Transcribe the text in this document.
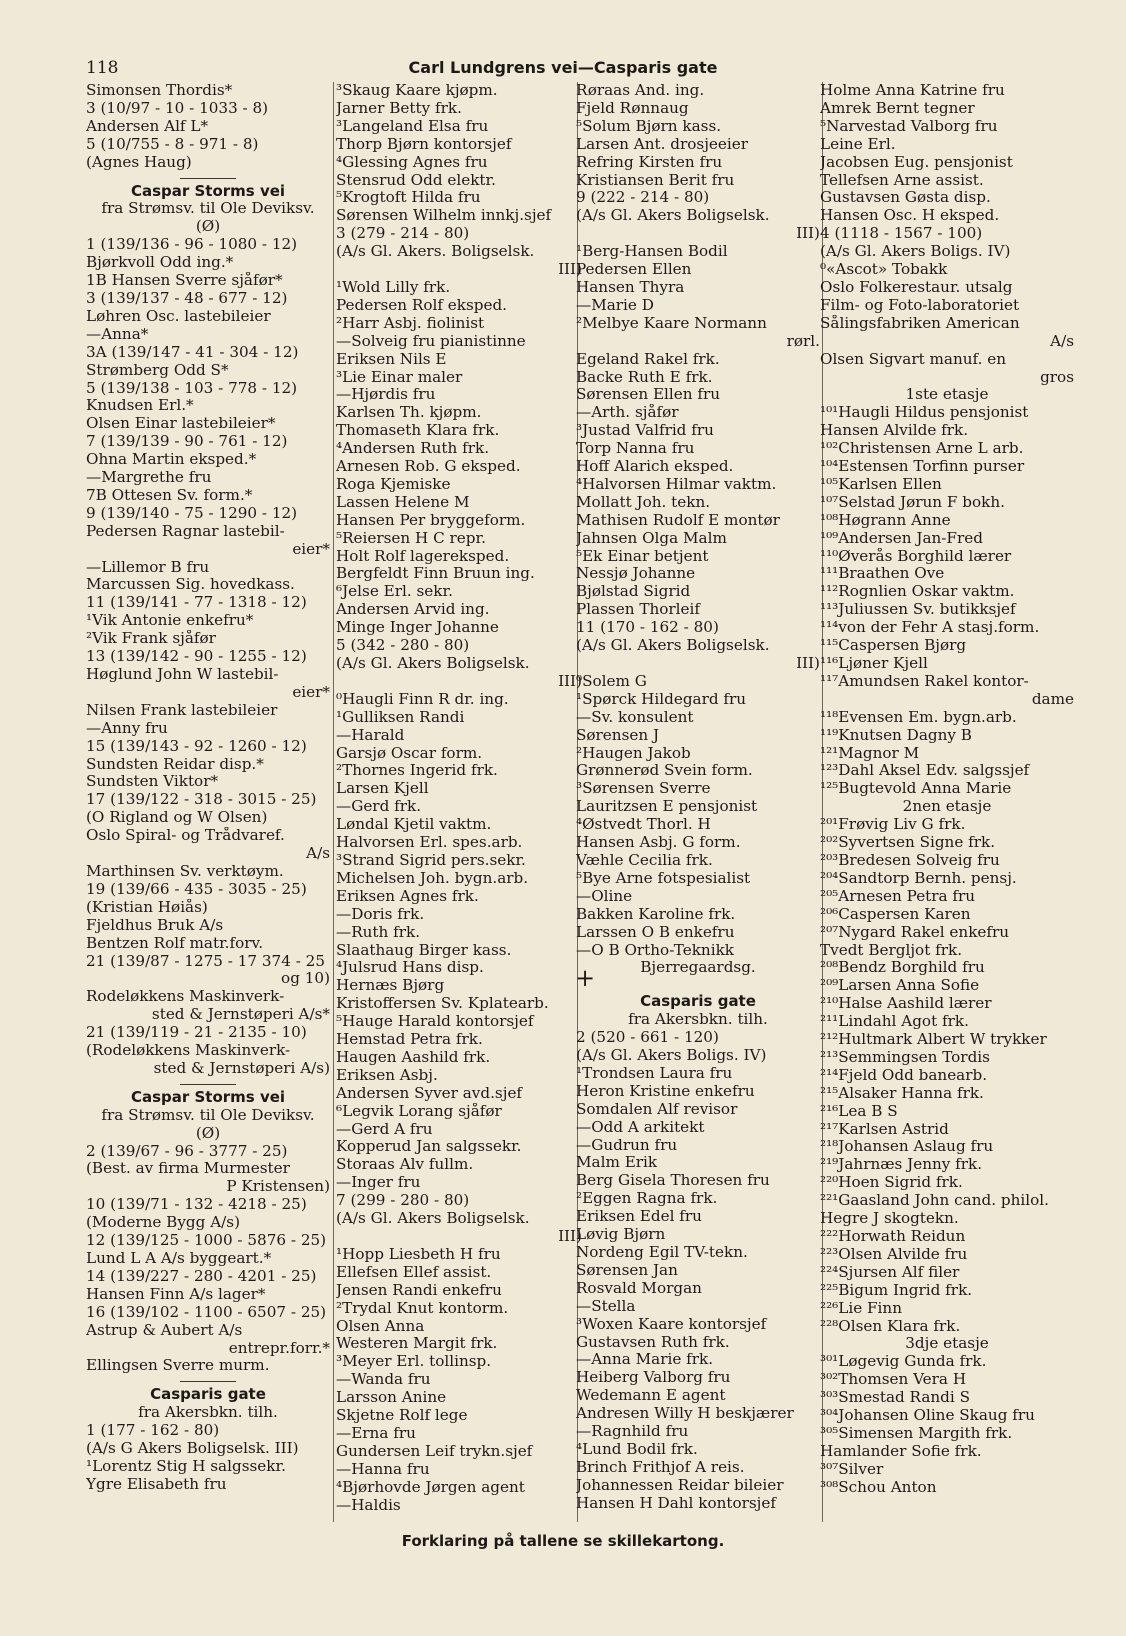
118	Carl Lundgrens vei—Casparis gate
Simonsen Thordis*
3 (10/97 - 10 - 1033 - 8)
Andersen Alf L*
5 (10/755 - 8 - 971 - 8)
(Agnes Haug)
Caspar Storms vei
fra Strømsv. til Ole Deviksv.
(Ø)
1 (139/136 - 96 - 1080 - 12)
Bjørkvoll Odd ing.*
1B Hansen Sverre sjåfør*
3 (139/137 - 48 - 677 - 12)
Løhren Osc. lastebileier
—Anna*
3A (139/147 - 41 - 304 - 12)
Strømberg Odd S*
5 (139/138 - 103 - 778 - 12)
Knudsen Erl.*
Olsen Einar lastebileier*
7 (139/139 - 90 - 761 - 12)
Ohna Martin eksped.*
—Margrethe fru
7B Ottesen Sv. form.*
9 (139/140 - 75 - 1290 - 12)
Pedersen Ragnar lastebil-
eier*
—Lillemor B fru
Marcussen Sig. hovedkass.
11 (139/141 - 77 - 1318 - 12)
¹Vik Antonie enkefru*
²Vik Frank sjåfør
13 (139/142 - 90 - 1255 - 12)
Høglund John W lastebil-
eier*
Nilsen Frank lastebileier
—Anny fru
15 (139/143 - 92 - 1260 - 12)
Sundsten Reidar disp.*
Sundsten Viktor*
17 (139/122 - 318 - 3015 - 25)
(O Rigland og W Olsen)
Oslo Spiral- og Trådvaref.
A/s
Marthinsen Sv. verktøym.
19 (139/66 - 435 - 3035 - 25)
(Kristian Høiås)
Fjeldhus Bruk A/s
Bentzen Rolf matr.forv.
21 (139/87 - 1275 - 17 374 - 25
og 10)
Rodeløkkens Maskinverk-
sted & Jernstøperi A/s*
21 (139/119 - 21 - 2135 - 10)
(Rodeløkkens Maskinverk-
sted & Jernstøperi A/s)
Caspar Storms vei
fra Strømsv. til Ole Deviksv.
(Ø)
2 (139/67 - 96 - 3777 - 25)
(Best. av firma Murmester
P Kristensen)
10 (139/71 - 132 - 4218 - 25)
(Moderne Bygg A/s)
12 (139/125 - 1000 - 5876 - 25)
Lund L A A/s byggeart.*
14 (139/227 - 280 - 4201 - 25)
Hansen Finn A/s lager*
16 (139/102 - 1100 - 6507 - 25)
Astrup & Aubert A/s
entrepr.forr.*
Ellingsen Sverre murm.
Casparis gate
fra Akersbkn. tilh.
1 (177 - 162 - 80)
(A/s G Akers Boligselsk. III)
¹Lorentz Stig H salgssekr.
Ygre Elisabeth fru
³Skaug Kaare kjøpm.
Jarner Betty frk.
³Langeland Elsa fru
Thorp Bjørn kontorsjef
⁴Glessing Agnes fru
Stensrud Odd elektr.
⁵Krogtoft Hilda fru
Sørensen Wilhelm innkj.sjef
3 (279 - 214 - 80)
(A/s Gl. Akers. Boligselsk.
III)
¹Wold Lilly frk.
Pedersen Rolf eksped.
²Harr Asbj. fiolinist
—Solveig fru pianistinne
Eriksen Nils E
³Lie Einar maler
—Hjørdis fru
Karlsen Th. kjøpm.
Thomaseth Klara frk.
⁴Andersen Ruth frk.
Arnesen Rob. G eksped.
Roga Kjemiske
Lassen Helene M
Hansen Per bryggeform.
⁵Reiersen H C repr.
Holt Rolf lagereksped.
Bergfeldt Finn Bruun ing.
⁶Jelse Erl. sekr.
Andersen Arvid ing.
Minge Inger Johanne
5 (342 - 280 - 80)
(A/s Gl. Akers Boligselsk.
III)
⁰Haugli Finn R dr. ing.
¹Gulliksen Randi
—Harald
Garsjø Oscar form.
²Thornes Ingerid frk.
Larsen Kjell
—Gerd frk.
Løndal Kjetil vaktm.
Halvorsen Erl. spes.arb.
³Strand Sigrid pers.sekr.
Michelsen Joh. bygn.arb.
Eriksen Agnes frk.
—Doris frk.
—Ruth frk.
Slaathaug Birger kass.
⁴Julsrud Hans disp.
Hernæs Bjørg
Kristoffersen Sv. Kplatearb.
⁵Hauge Harald kontorsjef
Hemstad Petra frk.
Haugen Aashild frk.
Eriksen Asbj.
Andersen Syver avd.sjef
⁶Legvik Lorang sjåfør
—Gerd A fru
Kopperud Jan salgssekr.
Storaas Alv fullm.
—Inger fru
7 (299 - 280 - 80)
(A/s Gl. Akers Boligselsk.
III)
¹Hopp Liesbeth H fru
Ellefsen Ellef assist.
Jensen Randi enkefru
²Trydal Knut kontorm.
Olsen Anna
Westeren Margit frk.
³Meyer Erl. tollinsp.
—Wanda fru
Larsson Anine
Skjetne Rolf lege
—Erna fru
Gundersen Leif trykn.sjef
—Hanna fru
⁴Bjørhovde Jørgen agent
—Haldis
Røraas And. ing.
Fjeld Rønnaug
⁵Solum Bjørn kass.
Larsen Ant. drosjeeier
Refring Kirsten fru
Kristiansen Berit fru
9 (222 - 214 - 80)
(A/s Gl. Akers Boligselsk.
III)
¹Berg-Hansen Bodil
Pedersen Ellen
Hansen Thyra
—Marie D
²Melbye Kaare Normann
rørl.
Egeland Rakel frk.
Backe Ruth E frk.
Sørensen Ellen fru
—Arth. sjåfør
³Justad Valfrid fru
Torp Nanna fru
Hoff Alarich eksped.
⁴Halvorsen Hilmar vaktm.
Mollatt Joh. tekn.
Mathisen Rudolf E montør
Jahnsen Olga Malm
⁵Ek Einar betjent
Nessjø Johanne
Bjølstad Sigrid
Plassen Thorleif
11 (170 - 162 - 80)
(A/s Gl. Akers Boligselsk.
III)
⁰Solem G
¹Spørck Hildegard fru
—Sv. konsulent
Sørensen J
²Haugen Jakob
Grønnerød Svein form.
³Sørensen Sverre
Lauritzsen E pensjonist
⁴Østvedt Thorl. H
Hansen Asbj. G form.
Væhle Cecilia frk.
⁵Bye Arne fotspesialist
—Oline
Bakken Karoline frk.
Larssen O B enkefru
—O B Ortho-Teknikk
Bjerregaardsg.
Casparis gate
fra Akersbkn. tilh.
2 (520 - 661 - 120)
(A/s Gl. Akers Boligs. IV)
¹Trondsen Laura fru
Heron Kristine enkefru
Somdalen Alf revisor
—Odd A arkitekt
—Gudrun fru
Malm Erik
Berg Gisela Thoresen fru
²Eggen Ragna frk.
Eriksen Edel fru
Løvig Bjørn
Nordeng Egil TV-tekn.
Sørensen Jan
Rosvald Morgan
—Stella
³Woxen Kaare kontorsjef
Gustavsen Ruth frk.
—Anna Marie frk.
Heiberg Valborg fru
Wedemann E agent
Andresen Willy H beskjærer
—Ragnhild fru
⁴Lund Bodil frk.
Brinch Frithjof A reis.
Johannessen Reidar bileier
Hansen H Dahl kontorsjef
Holme Anna Katrine fru
Amrek Bernt tegner
⁵Narvestad Valborg fru
Leine Erl.
Jacobsen Eug. pensjonist
Tellefsen Arne assist.
Gustavsen Gøsta disp.
Hansen Osc. H eksped.
4 (1118 - 1567 - 100)
(A/s Gl. Akers Boligs. IV)
⁰«Ascot» Tobakk
Oslo Folkerestaur. utsalg
Film- og Foto-laboratoriet
Sålingsfabriken American
A/s
Olsen Sigvart manuf. en
gros
1ste etasje
¹⁰¹Haugli Hildus pensjonist
Hansen Alvilde frk.
¹⁰²Christensen Arne L arb.
¹⁰⁴Estensen Torfinn purser
¹⁰⁵Karlsen Ellen
¹⁰⁷Selstad Jørun F bokh.
¹⁰⁸Høgrann Anne
¹⁰⁹Andersen Jan-Fred
¹¹⁰Øverås Borghild lærer
¹¹¹Braathen Ove
¹¹²Rognlien Oskar vaktm.
¹¹³Juliussen Sv. butikksjef
¹¹⁴von der Fehr A stasj.form.
¹¹⁵Caspersen Bjørg
¹¹⁶Ljøner Kjell
¹¹⁷Amundsen Rakel kontor-
dame
¹¹⁸Evensen Em. bygn.arb.
¹¹⁹Knutsen Dagny B
¹²¹Magnor M
¹²³Dahl Aksel Edv. salgssjef
¹²⁵Bugtevold Anna Marie
2nen etasje
²⁰¹Frøvig Liv G frk.
²⁰²Syvertsen Signe frk.
²⁰³Bredesen Solveig fru
²⁰⁴Sandtorp Bernh. pensj.
²⁰⁵Arnesen Petra fru
²⁰⁶Caspersen Karen
²⁰⁷Nygard Rakel enkefru
Tvedt Bergljot frk.
²⁰⁸Bendz Borghild fru
²⁰⁹Larsen Anna Sofie
²¹⁰Halse Aashild lærer
²¹¹Lindahl Agot frk.
²¹²Hultmark Albert W trykker
²¹³Semmingsen Tordis
²¹⁴Fjeld Odd banearb.
²¹⁵Alsaker Hanna frk.
²¹⁶Lea B S
²¹⁷Karlsen Astrid
²¹⁸Johansen Aslaug fru
²¹⁹Jahrnæs Jenny frk.
²²⁰Hoen Sigrid frk.
²²¹Gaasland John cand. philol.
Hegre J skogtekn.
²²²Horwath Reidun
²²³Olsen Alvilde fru
²²⁴Sjursen Alf filer
²²⁵Bigum Ingrid frk.
²²⁶Lie Finn
²²⁸Olsen Klara frk.
3dje etasje
³⁰¹Løgevig Gunda frk.
³⁰²Thomsen Vera H
³⁰³Smestad Randi S
³⁰⁴Johansen Oline Skaug fru
³⁰⁵Simensen Margith frk.
Hamlander Sofie frk.
³⁰⁷Silver
³⁰⁸Schou Anton
+
Forklaring på tallene se skillekartong.
